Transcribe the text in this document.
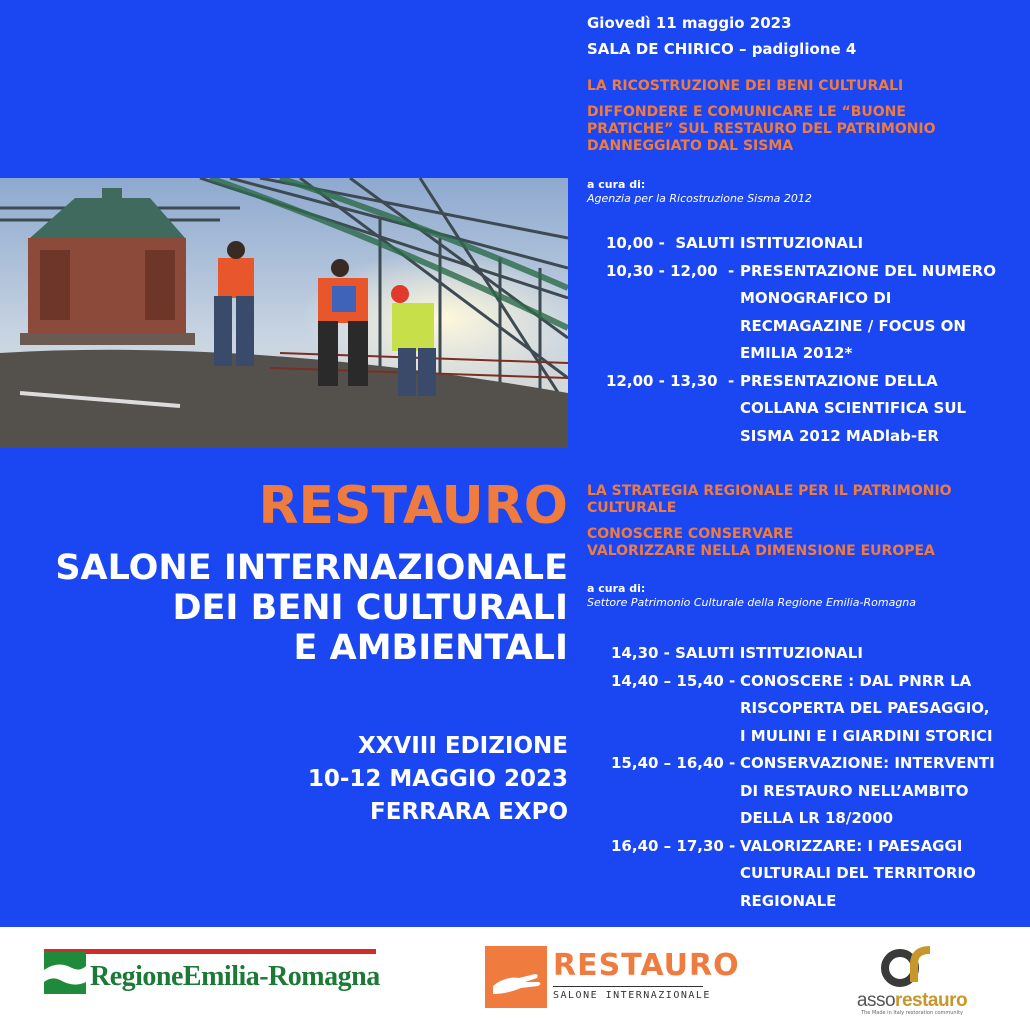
RESTAURO
SALONE INTERNAZIONALE
DEI BENI CULTURALI
E AMBIENTALI
XXVIII EDIZIONE
10-12 MAGGIO 2023
FERRARA EXPO
Giovedì 11 maggio 2023
SALA DE CHIRICO – padiglione 4
LA RICOSTRUZIONE DEI BENI CULTURALI
DIFFONDERE E COMUNICARE LE “BUONE
PRATICHE” SUL RESTAURO DEL PATRIMONIO
DANNEGGIATO DAL SISMA
a cura di:
Agenzia per la Ricostruzione Sisma 2012
10,00 - SALUTI ISTITUZIONALI
10,30 - 12,00  - PRESENTAZIONE DEL NUMERO
MONOGRAFICO DI
RECMAGAZINE / FOCUS ON
EMILIA 2012*
12,00 - 13,30  - PRESENTAZIONE DELLA
COLLANA SCIENTIFICA SUL
SISMA 2012 MADlab-ER
LA STRATEGIA REGIONALE PER IL PATRIMONIO
CULTURALE
CONOSCERE CONSERVARE
VALORIZZARE NELLA DIMENSIONE EUROPEA
a cura di:
Settore Patrimonio Culturale della Regione Emilia-Romagna
14,30 - SALUTI ISTITUZIONALI
14,40 – 15,40 - CONOSCERE : DAL PNRR LA
RISCOPERTA DEL PAESAGGIO,
I MULINI E I GIARDINI STORICI
15,40 – 16,40 - CONSERVAZIONE: INTERVENTI
DI RESTAURO NELL’AMBITO
DELLA LR 18/2000
16,40 – 17,30 - VALORIZZARE: I PAESAGGI
CULTURALI DEL TERRITORIO
REGIONALE
RegioneEmilia-Romagna	RESTAURO
SALONE INTERNAZIONALE	assorestauro
The Made in Italy restoration community
